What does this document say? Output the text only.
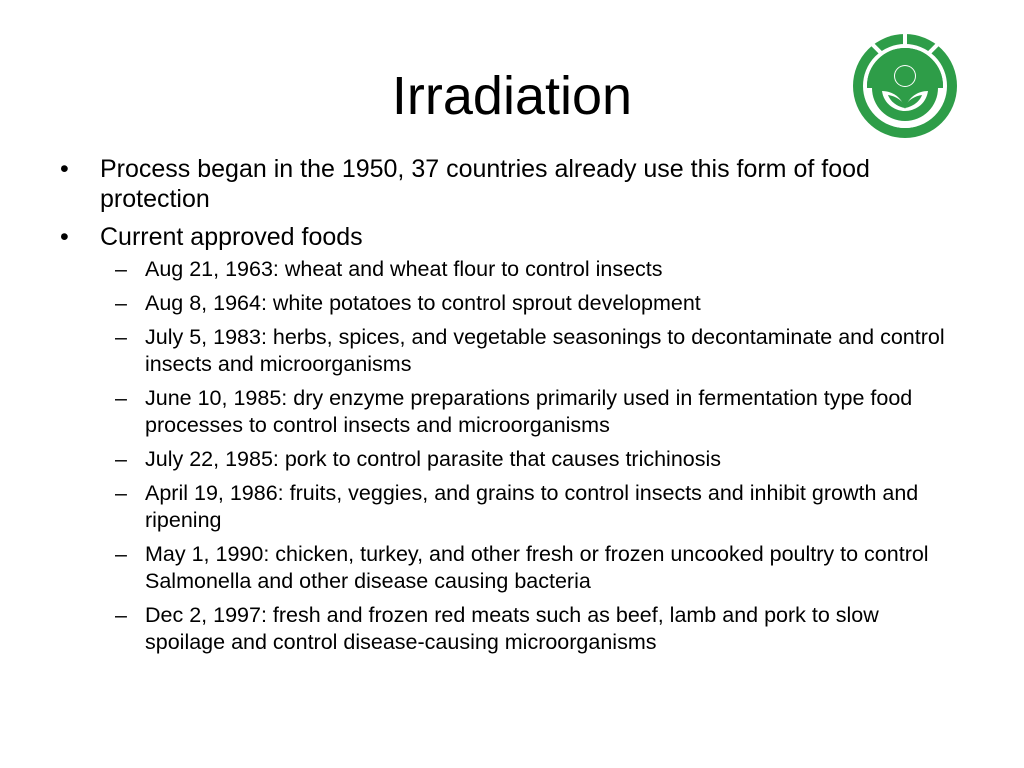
Irradiation
•	Process began in the 1950, 37 countries already use this form of food protection
•	Current approved foods
– Aug 21, 1963: wheat and wheat flour to control insects
– Aug 8, 1964: white potatoes to control sprout development
– July 5, 1983: herbs, spices, and vegetable seasonings to decontaminate and control insects and microorganisms
– June 10, 1985: dry enzyme preparations primarily used in fermentation type food processes to control insects and microorganisms
– July 22, 1985: pork to control parasite that causes trichinosis
– April 19, 1986: fruits, veggies, and grains to control insects and inhibit growth and ripening
– May 1, 1990: chicken, turkey, and other fresh or frozen uncooked poultry to control Salmonella and other disease causing bacteria
– Dec 2, 1997: fresh and frozen red meats such as beef, lamb and pork to slow spoilage and control disease-causing microorganisms
